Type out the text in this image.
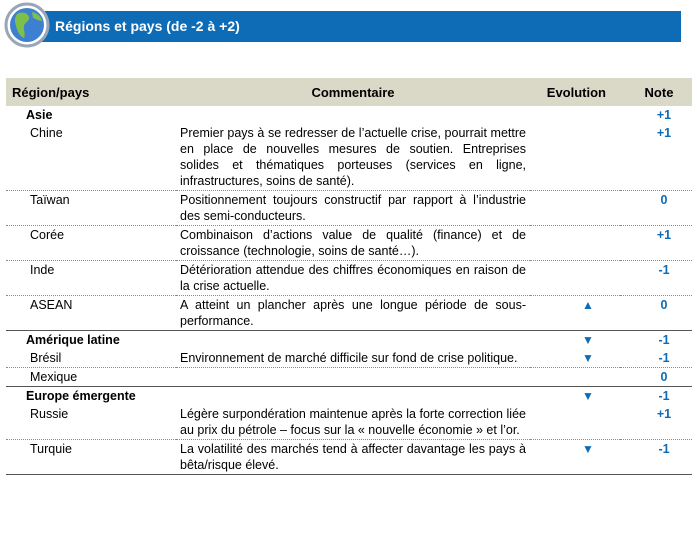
Régions et pays (de -2 à +2)
Région/pays	Commentaire	Evolution	Note
Asie			+1
Chine	Premier pays à se redresser de l’actuelle crise, pourrait mettre en place de nouvelles mesures de soutien. Entreprises solides et thématiques porteuses (services en ligne, infrastructures, soins de santé).		+1
Taïwan	Positionnement toujours constructif par rapport à l’industrie des semi-conducteurs.		0
Corée	Combinaison d’actions value de qualité (finance) et de croissance (technologie, soins de santé…).		+1
Inde	Détérioration attendue des chiffres économiques en raison de la crise actuelle.		-1
ASEAN	A atteint un plancher après une longue période de sous-performance.	▲	0
Amérique latine		▼	-1
Brésil	Environnement de marché difficile sur fond de crise politique.	▼	-1
Mexique			0
Europe émergente		▼	-1
Russie	Légère surpondération maintenue après la forte correction liée au prix du pétrole – focus sur la « nouvelle économie » et l’or.		+1
Turquie	La volatilité des marchés tend à affecter davantage les pays à bêta/risque élevé.	▼	-1
